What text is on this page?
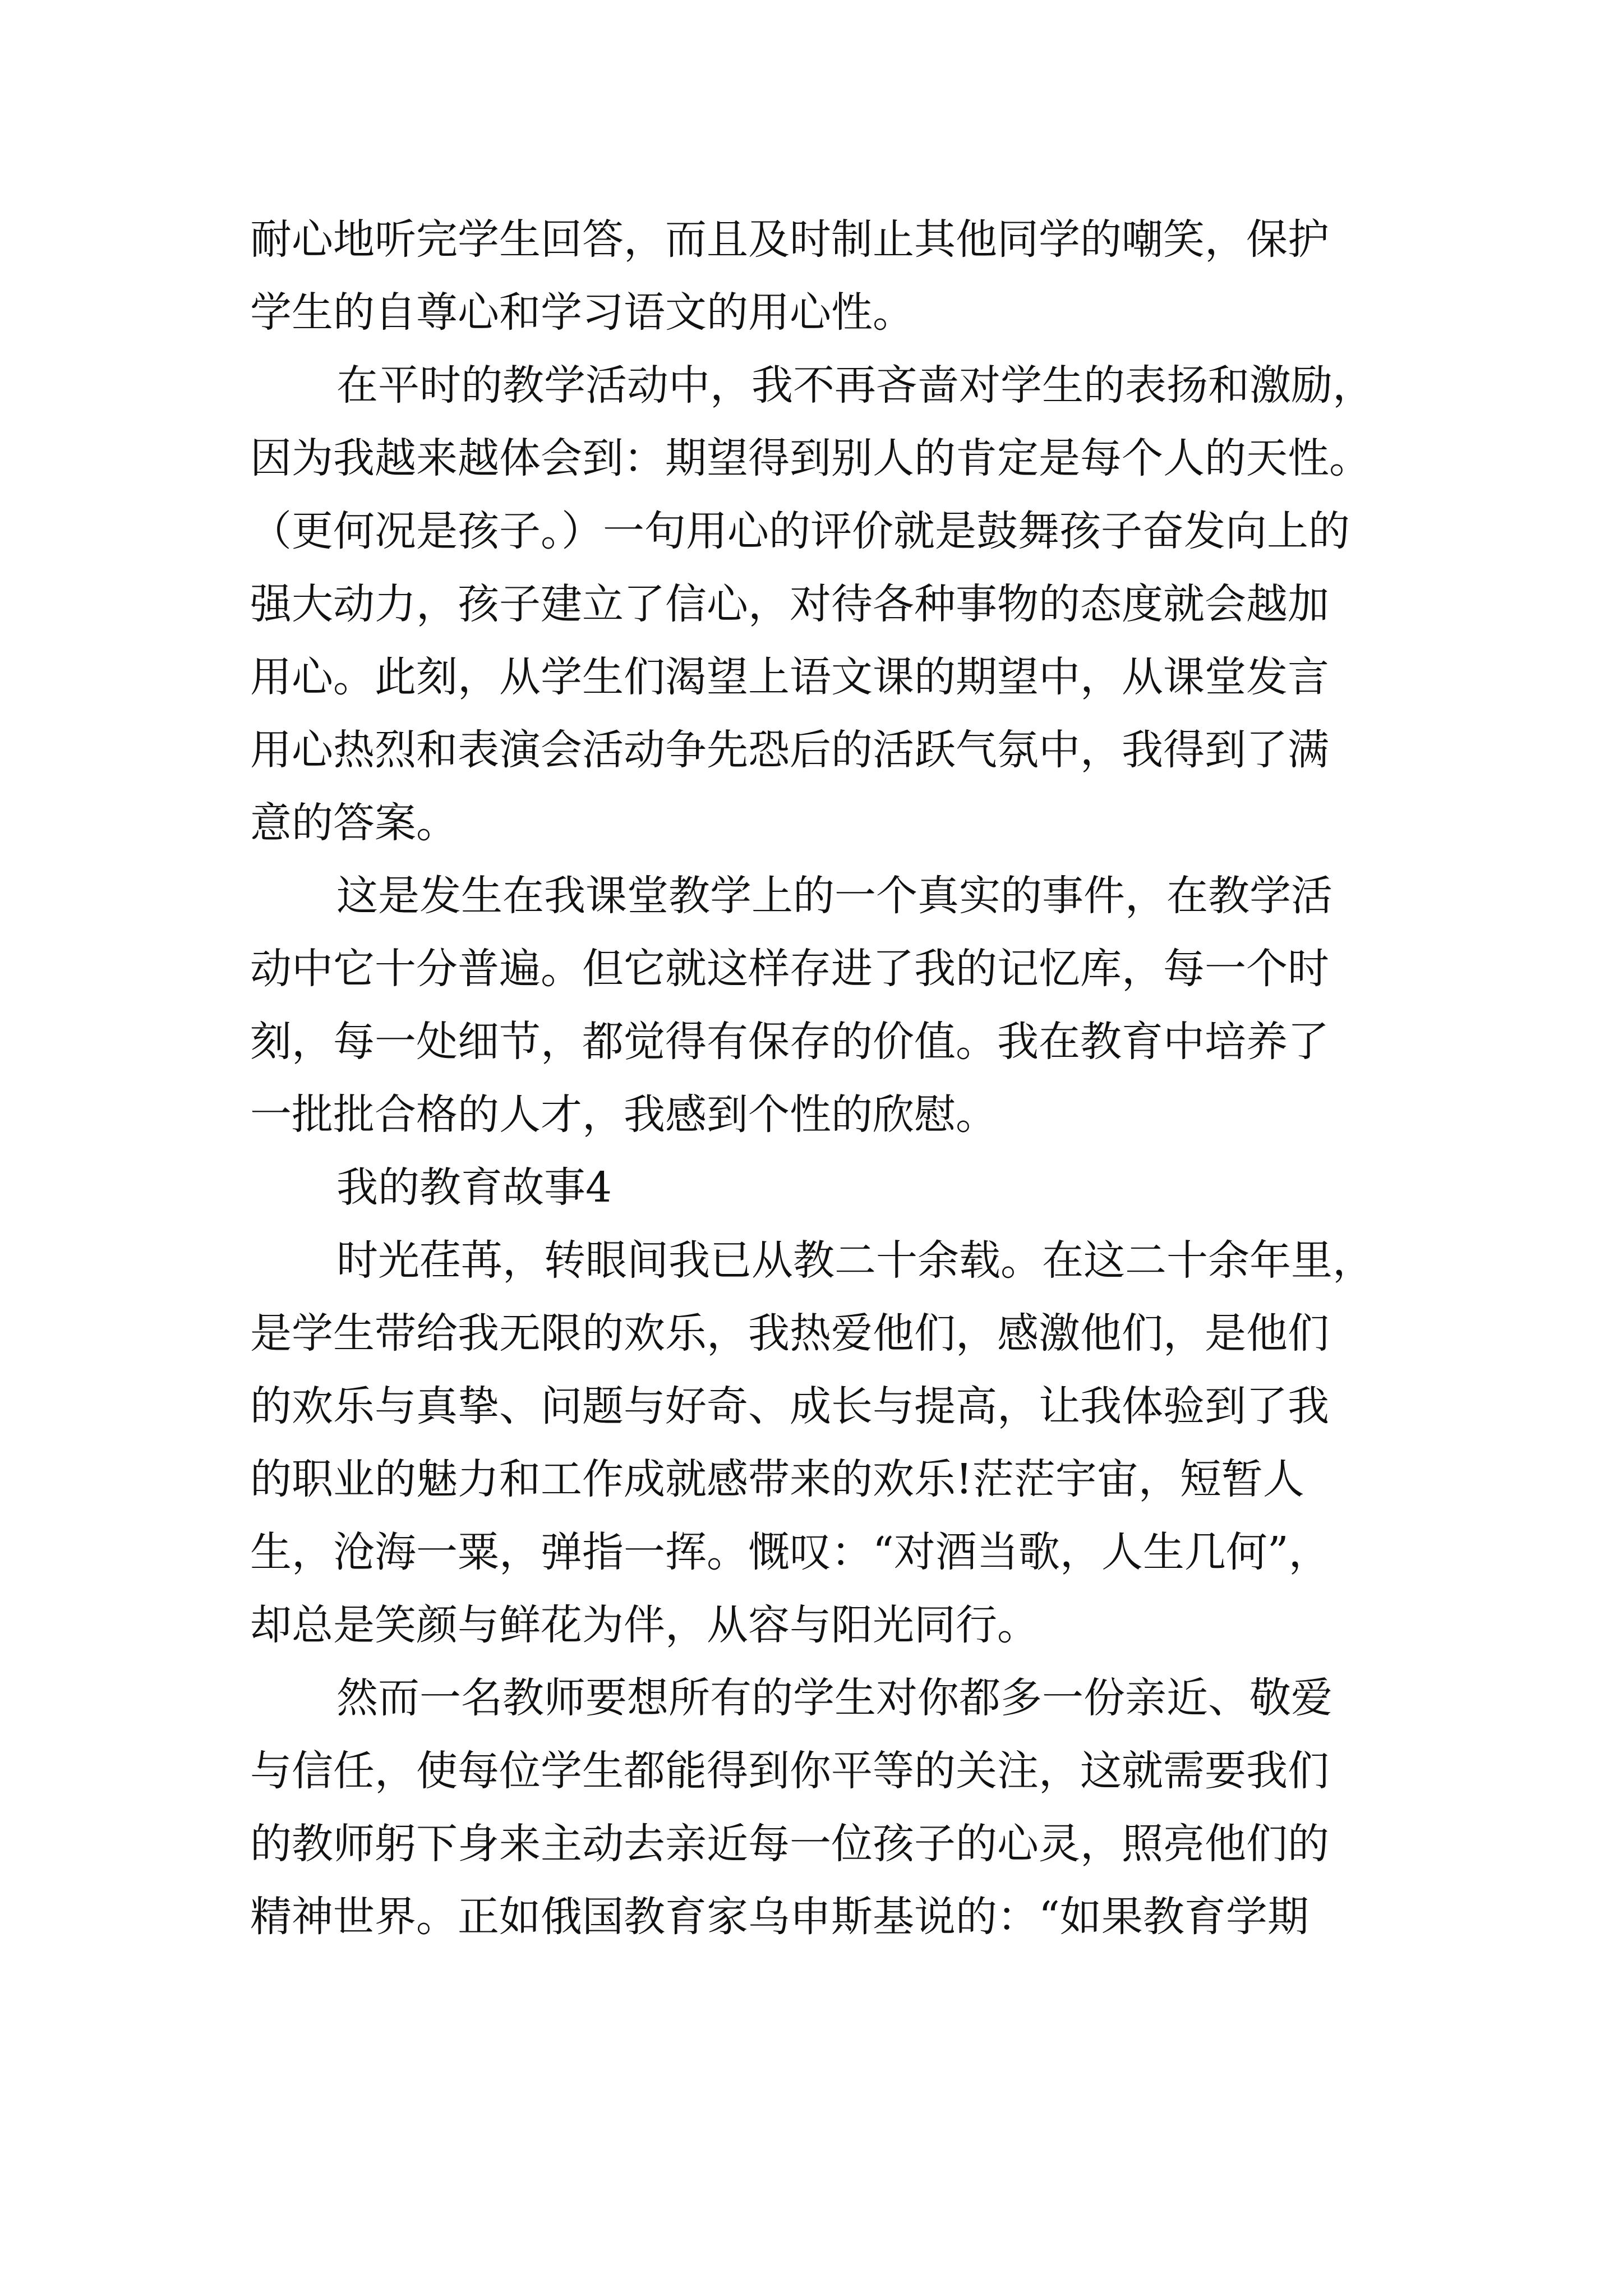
耐心地听完学生回答，而且及时制止其他同学的嘲笑，保护

学生的自尊心和学习语文的用心性。

在平时的教学活动中，我不再吝啬对学生的表扬和激励，

因为我越来越体会到：期望得到别人的肯定是每个人的天性。

（更何况是孩子。）一句用心的评价就是鼓舞孩子奋发向上的

强大动力，孩子建立了信心，对待各种事物的态度就会越加

用心。此刻，从学生们渴望上语文课的期望中，从课堂发言

用心热烈和表演会活动争先恐后的活跃气氛中，我得到了满

意的答案。

这是发生在我课堂教学上的一个真实的事件，在教学活

动中它十分普遍。但它就这样存进了我的记忆库，每一个时

刻，每一处细节，都觉得有保存的价值。我在教育中培养了

一批批合格的人才，我感到个性的欣慰。

我的教育故事4

时光荏苒，转眼间我已从教二十余载。在这二十余年里，

是学生带给我无限的欢乐，我热爱他们，感激他们，是他们

的欢乐与真挚、问题与好奇、成长与提高，让我体验到了我

的职业的魅力和工作成就感带来的欢乐!茫茫宇宙，短暂人

生，沧海一粟，弹指一挥。慨叹：“对酒当歌，人生几何”，

却总是笑颜与鲜花为伴，从容与阳光同行。

然而一名教师要想所有的学生对你都多一份亲近、敬爱

与信任，使每位学生都能得到你平等的关注，这就需要我们

的教师躬下身来主动去亲近每一位孩子的心灵，照亮他们的

精神世界。正如俄国教育家乌申斯基说的：“如果教育学期
